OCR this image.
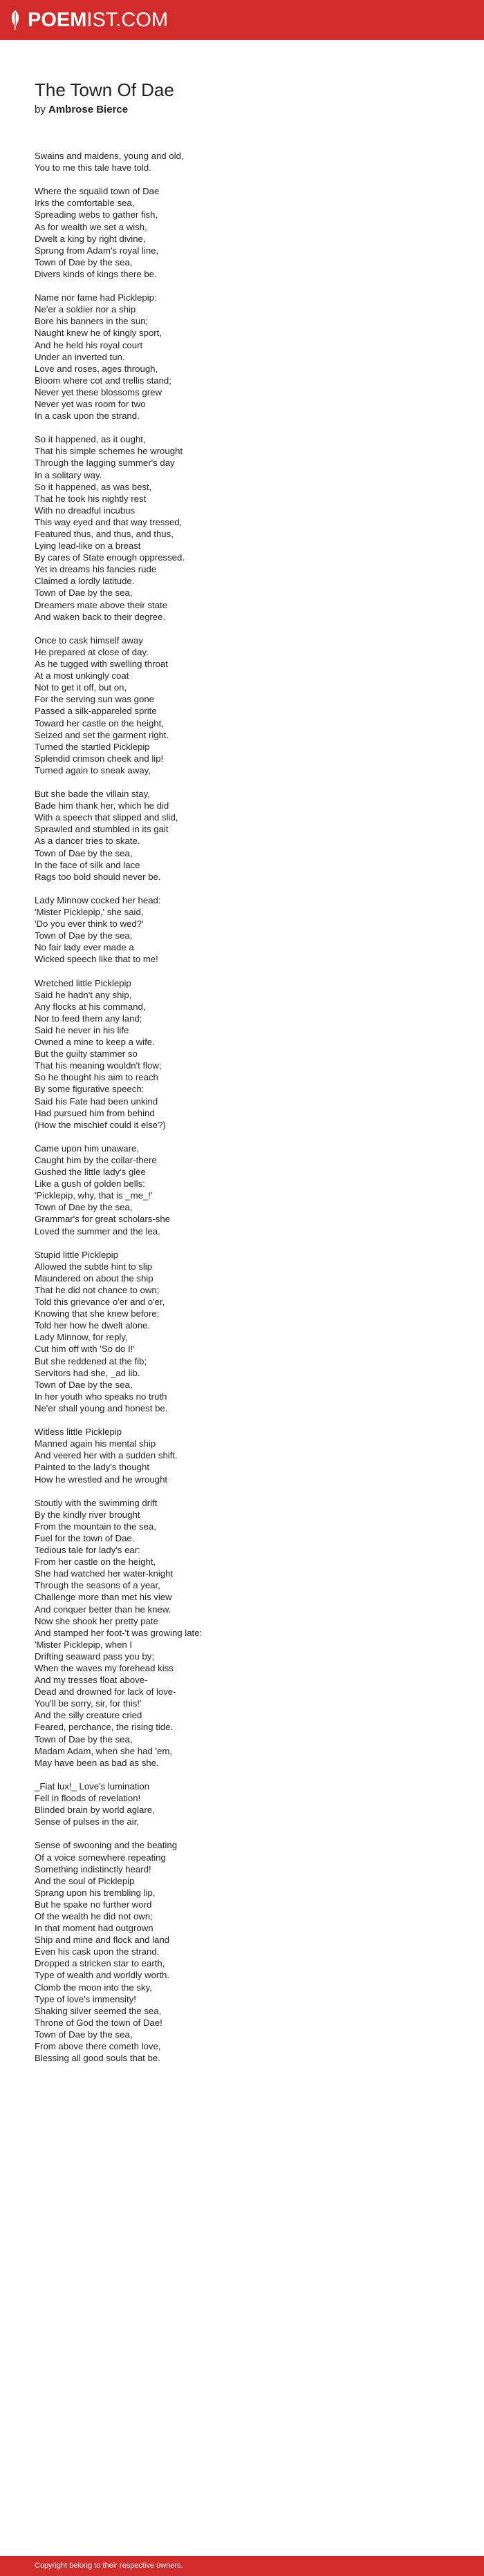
POEMIST.COM
The Town Of Dae
by Ambrose Bierce
Swains and maidens, young and old,
You to me this tale have told.
Where the squalid town of Dae
Irks the comfortable sea,
Spreading webs to gather fish,
As for wealth we set a wish,
Dwelt a king by right divine,
Sprung from Adam's royal line,
Town of Dae by the sea,
Divers kinds of kings there be.
Name nor fame had Picklepip:
Ne'er a soldier nor a ship
Bore his banners in the sun;
Naught knew he of kingly sport,
And he held his royal court
Under an inverted tun.
Love and roses, ages through,
Bloom where cot and trellis stand;
Never yet these blossoms grew
Never yet was room for two
In a cask upon the strand.
So it happened, as it ought,
That his simple schemes he wrought
Through the lagging summer's day
In a solitary way.
So it happened, as was best,
That he took his nightly rest
With no dreadful incubus
This way eyed and that way tressed,
Featured thus, and thus, and thus,
Lying lead-like on a breast
By cares of State enough oppressed.
Yet in dreams his fancies rude
Claimed a lordly latitude.
Town of Dae by the sea,
Dreamers mate above their state
And waken back to their degree.
Once to cask himself away
He prepared at close of day.
As he tugged with swelling throat
At a most unkingly coat
Not to get it off, but on,
For the serving sun was gone
Passed a silk-appareled sprite
Toward her castle on the height,
Seized and set the garment right.
Turned the startled Picklepip
Splendid crimson cheek and lip!
Turned again to sneak away,
But she bade the villain stay,
Bade him thank her, which he did
With a speech that slipped and slid,
Sprawled and stumbled in its gait
As a dancer tries to skate.
Town of Dae by the sea,
In the face of silk and lace
Rags too bold should never be.
Lady Minnow cocked her head:
'Mister Picklepip,' she said,
'Do you ever think to wed?'
Town of Dae by the sea,
No fair lady ever made a
Wicked speech like that to me!
Wretched little Picklepip
Said he hadn't any ship,
Any flocks at his command,
Nor to feed them any land;
Said he never in his life
Owned a mine to keep a wife.
But the guilty stammer so
That his meaning wouldn't flow;
So he thought his aim to reach
By some figurative speech:
Said his Fate had been unkind
Had pursued him from behind
(How the mischief could it else?)
Came upon him unaware,
Caught him by the collar-there
Gushed the little lady's glee
Like a gush of golden bells:
'Picklepip, why, that is _me_!'
Town of Dae by the sea,
Grammar's for great scholars-she
Loved the summer and the lea.
Stupid little Picklepip
Allowed the subtle hint to slip
Maundered on about the ship
That he did not chance to own;
Told this grievance o'er and o'er,
Knowing that she knew before;
Told her how he dwelt alone.
Lady Minnow, for reply,
Cut him off with 'So do I!'
But she reddened at the fib;
Servitors had she, _ad lib.
Town of Dae by the sea,
In her youth who speaks no truth
Ne'er shall young and honest be.
Witless little Picklepip
Manned again his mental ship
And veered her with a sudden shift.
Painted to the lady's thought
How he wrestled and he wrought
Stoutly with the swimming drift
By the kindly river brought
From the mountain to the sea,
Fuel for the town of Dae.
Tedious tale for lady's ear:
From her castle on the height,
She had watched her water-knight
Through the seasons of a year,
Challenge more than met his view
And conquer better than he knew.
Now she shook her pretty pate
And stamped her foot-'t was growing late:
'Mister Picklepip, when I
Drifting seaward pass you by;
When the waves my forehead kiss
And my tresses float above-
Dead and drowned for lack of love-
You'll be sorry, sir, for this!'
And the silly creature cried
Feared, perchance, the rising tide.
Town of Dae by the sea,
Madam Adam, when she had 'em,
May have been as bad as she.
_Fiat lux!_ Love's lumination
Fell in floods of revelation!
Blinded brain by world aglare,
Sense of pulses in the air,
Sense of swooning and the beating
Of a voice somewhere repeating
Something indistinctly heard!
And the soul of Picklepip
Sprang upon his trembling lip,
But he spake no further word
Of the wealth he did not own;
In that moment had outgrown
Ship and mine and flock and land
Even his cask upon the strand.
Dropped a stricken star to earth,
Type of wealth and worldly worth.
Clomb the moon into the sky,
Type of love's immensity!
Shaking silver seemed the sea,
Throne of God the town of Dae!
Town of Dae by the sea,
From above there cometh love,
Blessing all good souls that be.
Copyright belong to their respective owners.
